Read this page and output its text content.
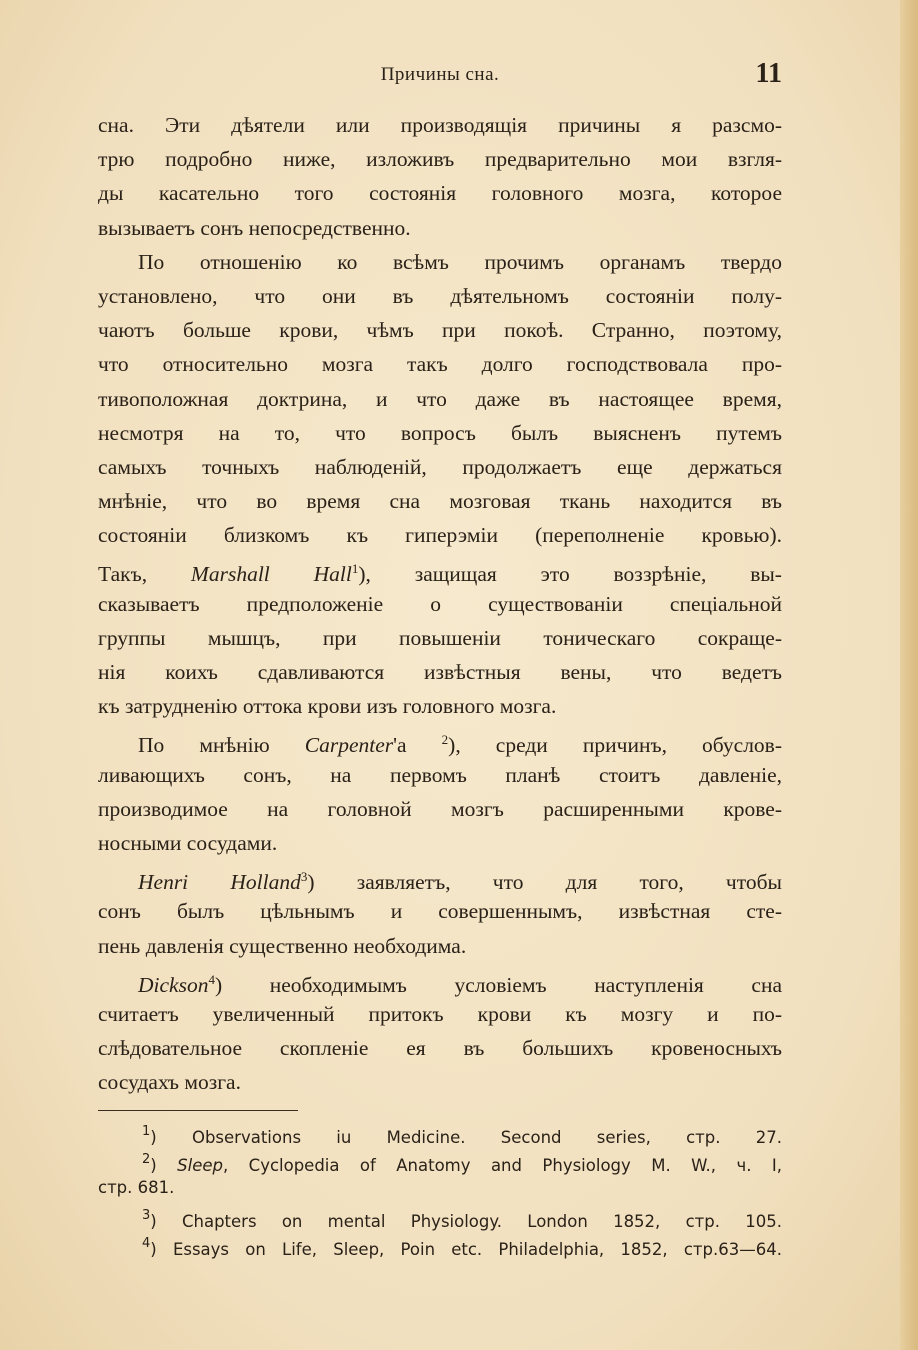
Причины сна.	11
сна. Эти дѣятели или производящія причины я разсмо-
трю подробно ниже, изложивъ предварительно мои взгля-
ды касательно того состоянія головного мозга, которое
вызываетъ сонъ непосредственно.
По отношенію ко всѣмъ прочимъ органамъ твердо
установлено, что они въ дѣятельномъ состояніи полу-
чаютъ больше крови, чѣмъ при покоѣ. Странно, поэтому,
что относительно мозга такъ долго господствовала про-
тивоположная доктрина, и что даже въ настоящее время,
несмотря на то, что вопросъ былъ выясненъ путемъ
самыхъ точныхъ наблюденій, продолжаетъ еще держаться
мнѣніе, что во время сна мозговая ткань находится въ
состояніи близкомъ къ гиперэміи (переполненіе кровью).
Такъ, Marshall Hall$^1$), защищая это воззрѣніе, вы-
сказываетъ предположеніе о существованіи спеціальной
группы мышцъ, при повышеніи тоническаго сокраще-
нія коихъ сдавливаются извѣстныя вены, что ведетъ
къ затрудненію оттока крови изъ головного мозга.
По мнѣнію Carpenter'а $^2$), среди причинъ, обуслов-
ливающихъ сонъ, на первомъ планѣ стоитъ давленіе,
производимое на головной мозгъ расширенными крове-
носными сосудами.
Henri Holland$^3$) заявляетъ, что для того, чтобы
сонъ былъ цѣльнымъ и совершеннымъ, извѣстная сте-
пень давленія существенно необходима.
Dickson$^4$) необходимымъ условіемъ наступленія сна
считаетъ увеличенный притокъ крови къ мозгу и по-
слѣдовательное скопленіе ея въ большихъ кровеносныхъ
сосудахъ мозга.
$^1$) Observations iu Medicine. Second series, стр. 27.
$^2$) Sleep, Cyclopedia of Anatomy and Physiology M. W., ч. I,
стр. 681.
$^3$) Chapters on mental Physiology. London 1852, стр. 105.
$^4$) Essays on Life, Sleep, Poin etc. Philadelphia, 1852, стр.63—64.
